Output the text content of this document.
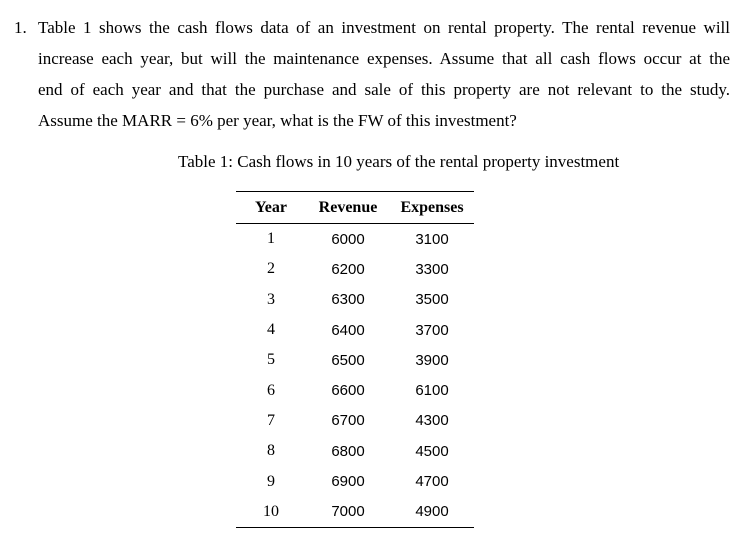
1. Table 1 shows the cash flows data of an investment on rental property. The rental revenue will
increase each year, but will the maintenance expenses. Assume that all cash flows occur at the
end of each year and that the purchase and sale of this property are not relevant to the study.
Assume the MARR = 6% per year, what is the FW of this investment?
Table 1: Cash flows in 10 years of the rental property investment
Year	Revenue	Expenses
1	6000	3100
2	6200	3300
3	6300	3500
4	6400	3700
5	6500	3900
6	6600	6100
7	6700	4300
8	6800	4500
9	6900	4700
10	7000	4900
